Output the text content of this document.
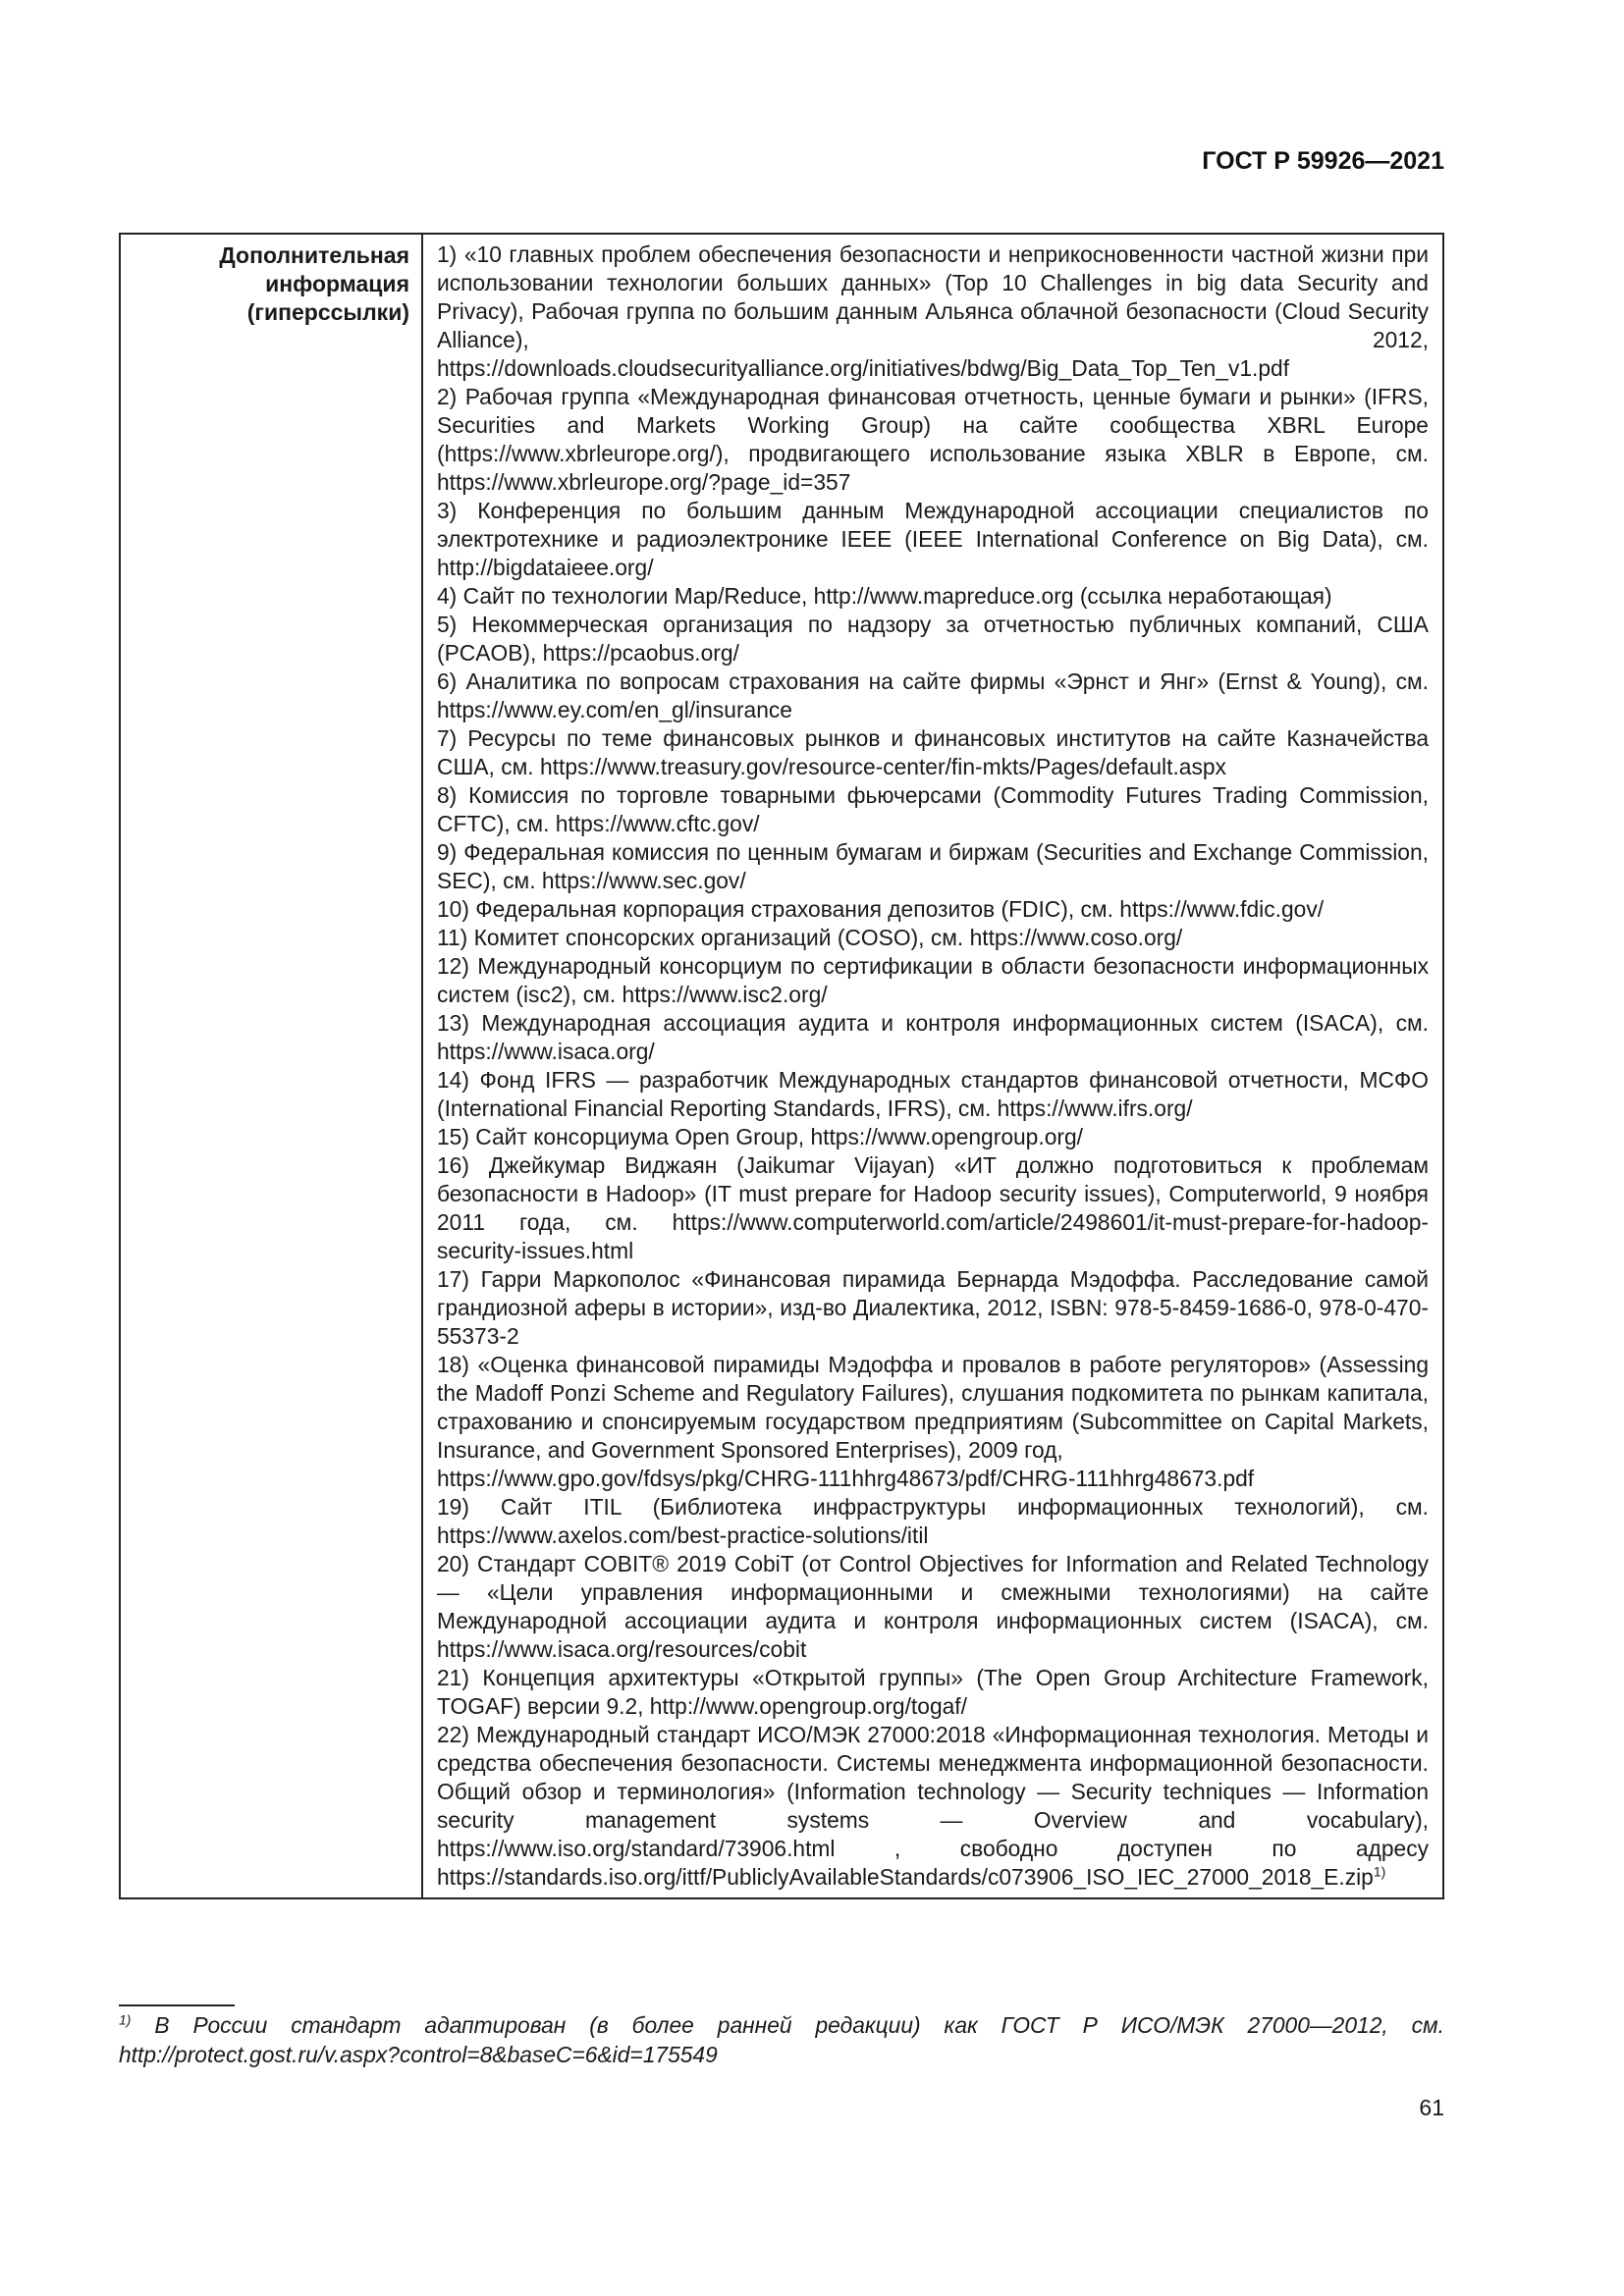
ГОСТ Р 59926—2021
Дополнительная
информация
(гиперссылки)

1) «10 главных проблем обеспечения безопасности и неприкосновенности частной жизни при использовании технологии больших данных» (Top 10 Challenges in big data Security and Privacy), Рабочая группа по большим данным Альянса облачной безопасности (Cloud Security Alliance), 2012, https://downloads.cloudsecurityalliance.org/initiatives/bdwg/Big_Data_Top_Ten_v1.pdf

2) Рабочая группа «Международная финансовая отчетность, ценные бумаги и рынки» (IFRS, Securities and Markets Working Group) на сайте сообщества XBRL Europe (https://www.xbrleurope.org/), продвигающего использование языка XBLR в Европе, см. https://www.xbrleurope.org/?page_id=357

3) Конференция по большим данным Международной ассоциации специалистов по электротехнике и радиоэлектронике IEEE (IEEE International Conference on Big Data), см. http://bigdataieee.org/

4) Сайт по технологии Map/Reduce, http://www.mapreduce.org (ссылка неработающая)

5) Некоммерческая организация по надзору за отчетностью публичных компаний, США (PCAOB), https://pcaobus.org/

6) Аналитика по вопросам страхования на сайте фирмы «Эрнст и Янг» (Ernst & Young), см. https://www.ey.com/en_gl/insurance

7) Ресурсы по теме финансовых рынков и финансовых институтов на сайте Казначейства США, см. https://www.treasury.gov/resource-center/fin-mkts/Pages/default.aspx

8) Комиссия по торговле товарными фьючерсами (Commodity Futures Trading Commission, CFTC), см. https://www.cftc.gov/

9) Федеральная комиссия по ценным бумагам и биржам (Securities and Exchange Commission, SEC), см. https://www.sec.gov/

10) Федеральная корпорация страхования депозитов (FDIC), см. https://www.fdic.gov/

11) Комитет спонсорских организаций (COSO), см. https://www.coso.org/

12) Международный консорциум по сертификации в области безопасности информационных систем (isc2), см. https://www.isc2.org/

13) Международная ассоциация аудита и контроля информационных систем (ISACA), см. https://www.isaca.org/

14) Фонд IFRS — разработчик Международных стандартов финансовой отчетности, МСФО (International Financial Reporting Standards, IFRS), см. https://www.ifrs.org/

15) Сайт консорциума Open Group, https://www.opengroup.org/

16) Джейкумар Виджаян (Jaikumar Vijayan) «ИТ должно подготовиться к проблемам безопасности в Hadoop» (IT must prepare for Hadoop security issues), Computerworld, 9 ноября 2011 года, см. https://www.computerworld.com/article/2498601/it-must-prepare-for-hadoop-security-issues.html

17) Гарри Маркополос «Финансовая пирамида Бернарда Мэдоффа. Расследование самой грандиозной аферы в истории», изд-во Диалектика, 2012, ISBN: 978-5-8459-1686-0, 978-0-470-55373-2

18) «Оценка финансовой пирамиды Мэдоффа и провалов в работе регуляторов» (Assessing the Madoff Ponzi Scheme and Regulatory Failures), слушания подкомитета по рынкам капитала, страхованию и спонсируемым государством предприятиям (Subcommittee on Capital Markets, Insurance, and Government Sponsored Enterprises), 2009 год,

https://www.gpo.gov/fdsys/pkg/CHRG-111hhrg48673/pdf/CHRG-111hhrg48673.pdf

19) Сайт ITIL (Библиотека инфраструктуры информационных технологий), см. https://www.axelos.com/best-practice-solutions/itil

20) Стандарт COBIT® 2019 CobiT (от Control Objectives for Information and Related Technology — «Цели управления информационными и смежными технологиями) на сайте Международной ассоциации аудита и контроля информационных систем (ISACA), см. https://www.isaca.org/resources/cobit

21) Концепция архитектуры «Открытой группы» (The Open Group Architecture Framework, TOGAF) версии 9.2, http://www.opengroup.org/togaf/

22) Международный стандарт ИСО/МЭК 27000:2018 «Информационная технология. Методы и средства обеспечения безопасности. Системы менеджмента информационной безопасности. Общий обзор и терминология» (Information technology — Security techniques — Information security management systems — Overview and vocabulary), https://www.iso.org/standard/73906.html , свободно доступен по адресу https://standards.iso.org/ittf/PubliclyAvailableStandards/c073906_ISO_IEC_27000_2018_E.zip$^{1)}$

$^{1)}$ В России стандарт адаптирован (в более ранней редакции) как ГОСТ Р ИСО/МЭК 27000—2012, см. http://protect.gost.ru/v.aspx?control=8&baseC=6&id=175549
61
